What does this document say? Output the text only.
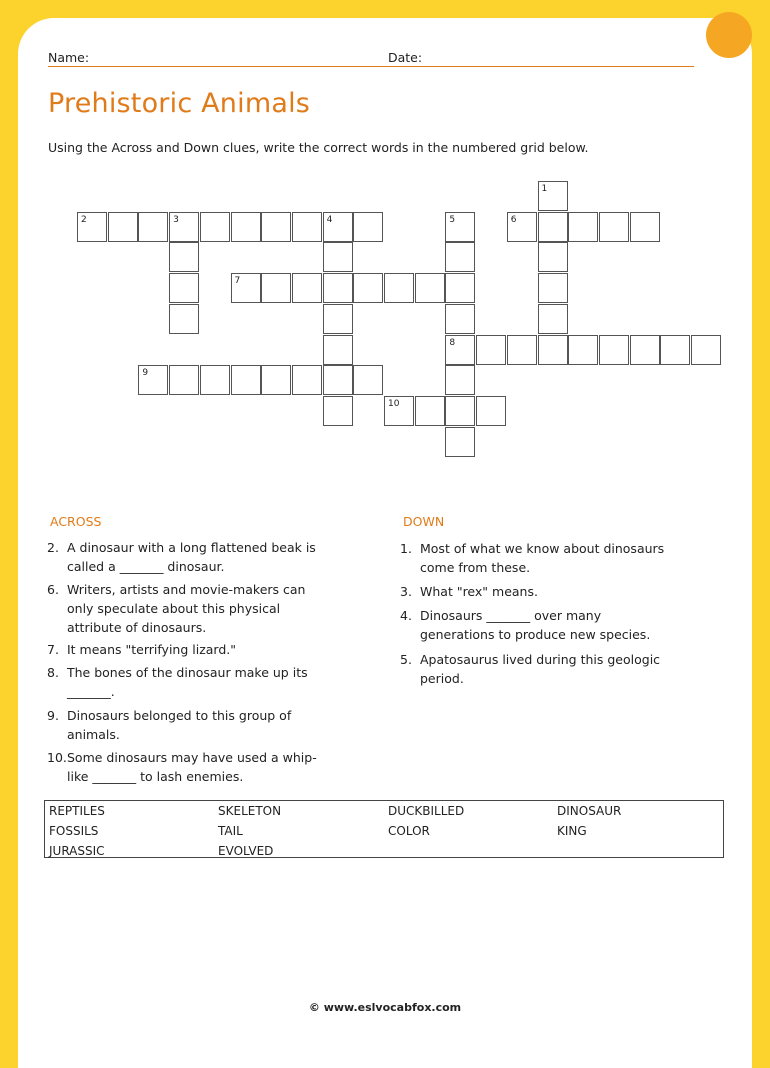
Name:	Date:
Prehistoric Animals
Using the Across and Down clues, write the correct words in the numbered grid below.
1
2	3	4	5	6
7
8
9
10
ACROSS	DOWN
2. A dinosaur with a long flattened beak is called a _______ dinosaur.
6. Writers, artists and movie-makers can only speculate about this physical attribute of dinosaurs.
7. It means "terrifying lizard."
8. The bones of the dinosaur make up its _______.
9. Dinosaurs belonged to this group of animals.
10. Some dinosaurs may have used a whip-like _______ to lash enemies.
1. Most of what we know about dinosaurs come from these.
3. What "rex" means.
4. Dinosaurs _______ over many generations to produce new species.
5. Apatosaurus lived during this geologic period.
REPTILES	SKELETON	DUCKBILLED	DINOSAUR
FOSSILS	TAIL	COLOR	KING
JURASSIC	EVOLVED
© www.eslvocabfox.com
